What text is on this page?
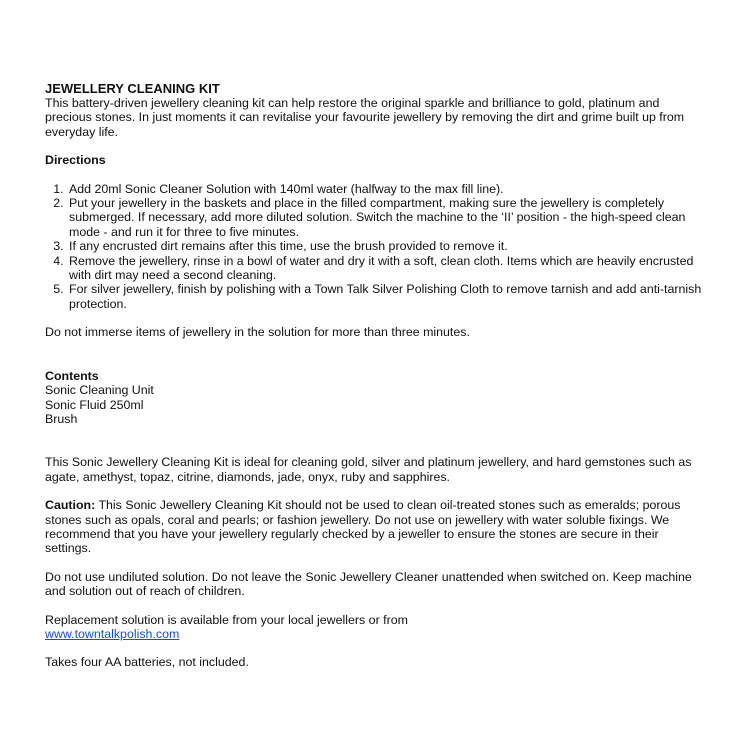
JEWELLERY CLEANING KIT

This battery-driven jewellery cleaning kit can help restore the original sparkle and brilliance to gold, platinum and precious stones. In just moments it can revitalise your favourite jewellery by removing the dirt and grime built up from everyday life.

Directions

1. Add 20ml Sonic Cleaner Solution with 140ml water (halfway to the max fill line).
2. Put your jewellery in the baskets and place in the filled compartment, making sure the jewellery is completely submerged. If necessary, add more diluted solution. Switch the machine to the ‘II’ position - the high-speed clean mode - and run it for three to five minutes.
3. If any encrusted dirt remains after this time, use the brush provided to remove it.
4. Remove the jewellery, rinse in a bowl of water and dry it with a soft, clean cloth. Items which are heavily encrusted with dirt may need a second cleaning.
5. For silver jewellery, finish by polishing with a Town Talk Silver Polishing Cloth to remove tarnish and add anti-tarnish protection.

Do not immerse items of jewellery in the solution for more than three minutes.

Contents

Sonic Cleaning Unit
Sonic Fluid 250ml
Brush

This Sonic Jewellery Cleaning Kit is ideal for cleaning gold, silver and platinum jewellery, and hard gemstones such as agate, amethyst, topaz, citrine, diamonds, jade, onyx, ruby and sapphires.

Caution: This Sonic Jewellery Cleaning Kit should not be used to clean oil-treated stones such as emeralds; porous stones such as opals, coral and pearls; or fashion jewellery. Do not use on jewellery with water soluble fixings. We recommend that you have your jewellery regularly checked by a jeweller to ensure the stones are secure in their settings.

Do not use undiluted solution. Do not leave the Sonic Jewellery Cleaner unattended when switched on. Keep machine and solution out of reach of children.

Replacement solution is available from your local jewellers or from

www.towntalkpolish.com

Takes four AA batteries, not included.
